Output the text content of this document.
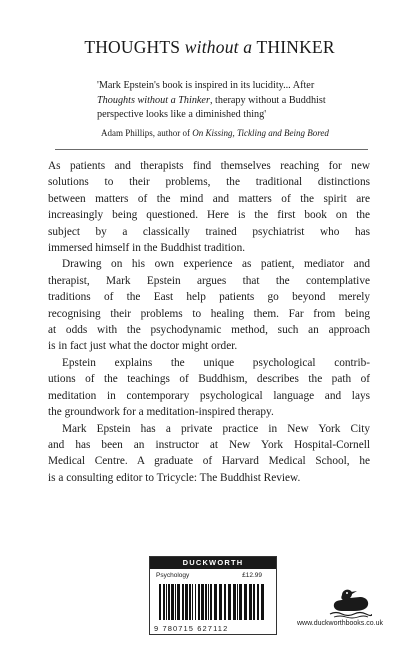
THOUGHTS without a THINKER
'Mark Epstein's book is inspired in its lucidity... After
Thoughts without a Thinker, therapy without a Buddhist
perspective looks like a diminished thing'
Adam Phillips, author of On Kissing, Tickling and Being Bored
As patients and therapists find themselves reaching for new
solutions to their problems, the traditional distinctions
between matters of the mind and matters of the spirit are
increasingly being questioned. Here is the first book on the
subject by a classically trained psychiatrist who has
immersed himself in the Buddhist tradition.
Drawing on his own experience as patient, mediator and
therapist, Mark Epstein argues that the contemplative
traditions of the East help patients go beyond merely
recognising their problems to healing them. Far from being
at odds with the psychodynamic method, such an approach
is in fact just what the doctor might order.
Epstein explains the unique psychological contrib-
utions of the teachings of Buddhism, describes the path of
meditation in contemporary psychological language and lays
the groundwork for a meditation-inspired therapy.
Mark Epstein has a private practice in New York City
and has been an instructor at New York Hospital-Cornell
Medical Centre. A graduate of Harvard Medical School, he
is a consulting editor to Tricycle: The Buddhist Review.
DUCKWORTH
Psychology	£12.99
9 780715 627112
www.duckworthbooks.co.uk
